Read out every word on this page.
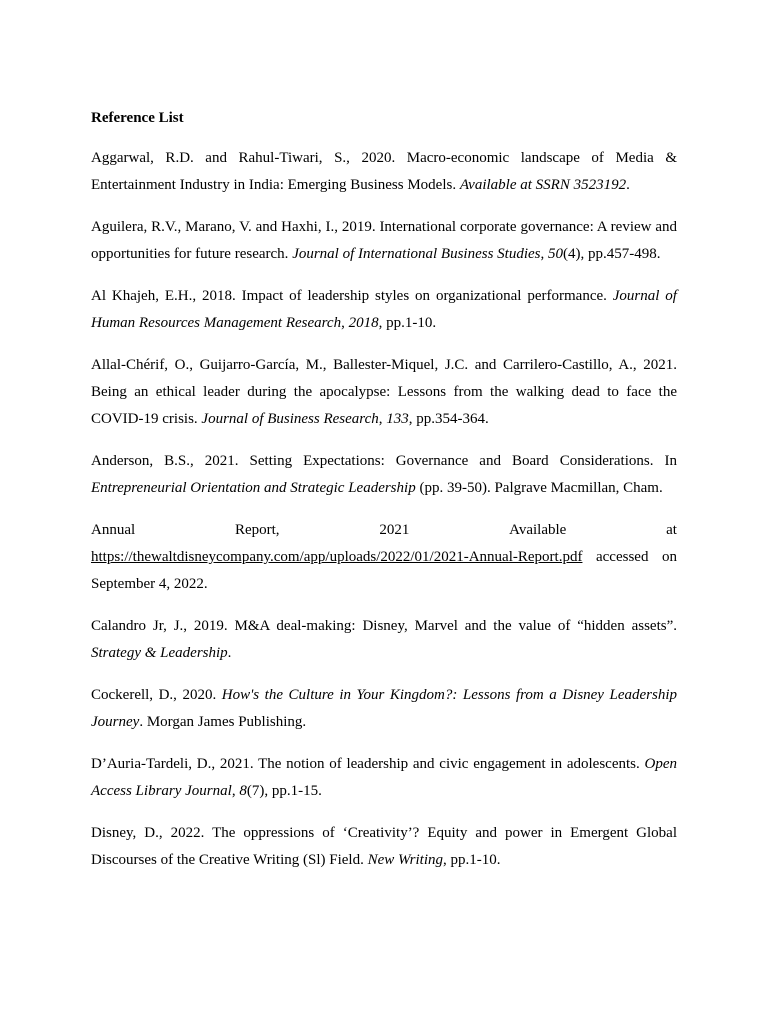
Reference List
Aggarwal, R.D. and Rahul-Tiwari, S., 2020. Macro-economic landscape of Media & Entertainment Industry in India: Emerging Business Models. Available at SSRN 3523192.
Aguilera, R.V., Marano, V. and Haxhi, I., 2019. International corporate governance: A review and opportunities for future research. Journal of International Business Studies, 50(4), pp.457-498.
Al Khajeh, E.H., 2018. Impact of leadership styles on organizational performance. Journal of Human Resources Management Research, 2018, pp.1-10.
Allal-Chérif, O., Guijarro-García, M., Ballester-Miquel, J.C. and Carrilero-Castillo, A., 2021. Being an ethical leader during the apocalypse: Lessons from the walking dead to face the COVID-19 crisis. Journal of Business Research, 133, pp.354-364.
Anderson, B.S., 2021. Setting Expectations: Governance and Board Considerations. In Entrepreneurial Orientation and Strategic Leadership (pp. 39-50). Palgrave Macmillan, Cham.
Annual	Report,	2021	Available	at
https://thewaltdisneycompany.com/app/uploads/2022/01/2021-Annual-Report.pdf accessed on
September 4, 2022.
Calandro Jr, J., 2019. M&A deal-making: Disney, Marvel and the value of “hidden assets”. Strategy & Leadership.
Cockerell, D., 2020. How's the Culture in Your Kingdom?: Lessons from a Disney Leadership Journey. Morgan James Publishing.
D’Auria-Tardeli, D., 2021. The notion of leadership and civic engagement in adolescents. Open Access Library Journal, 8(7), pp.1-15.
Disney, D., 2022. The oppressions of ‘Creativity’? Equity and power in Emergent Global Discourses of the Creative Writing (Sl) Field. New Writing, pp.1-10.
